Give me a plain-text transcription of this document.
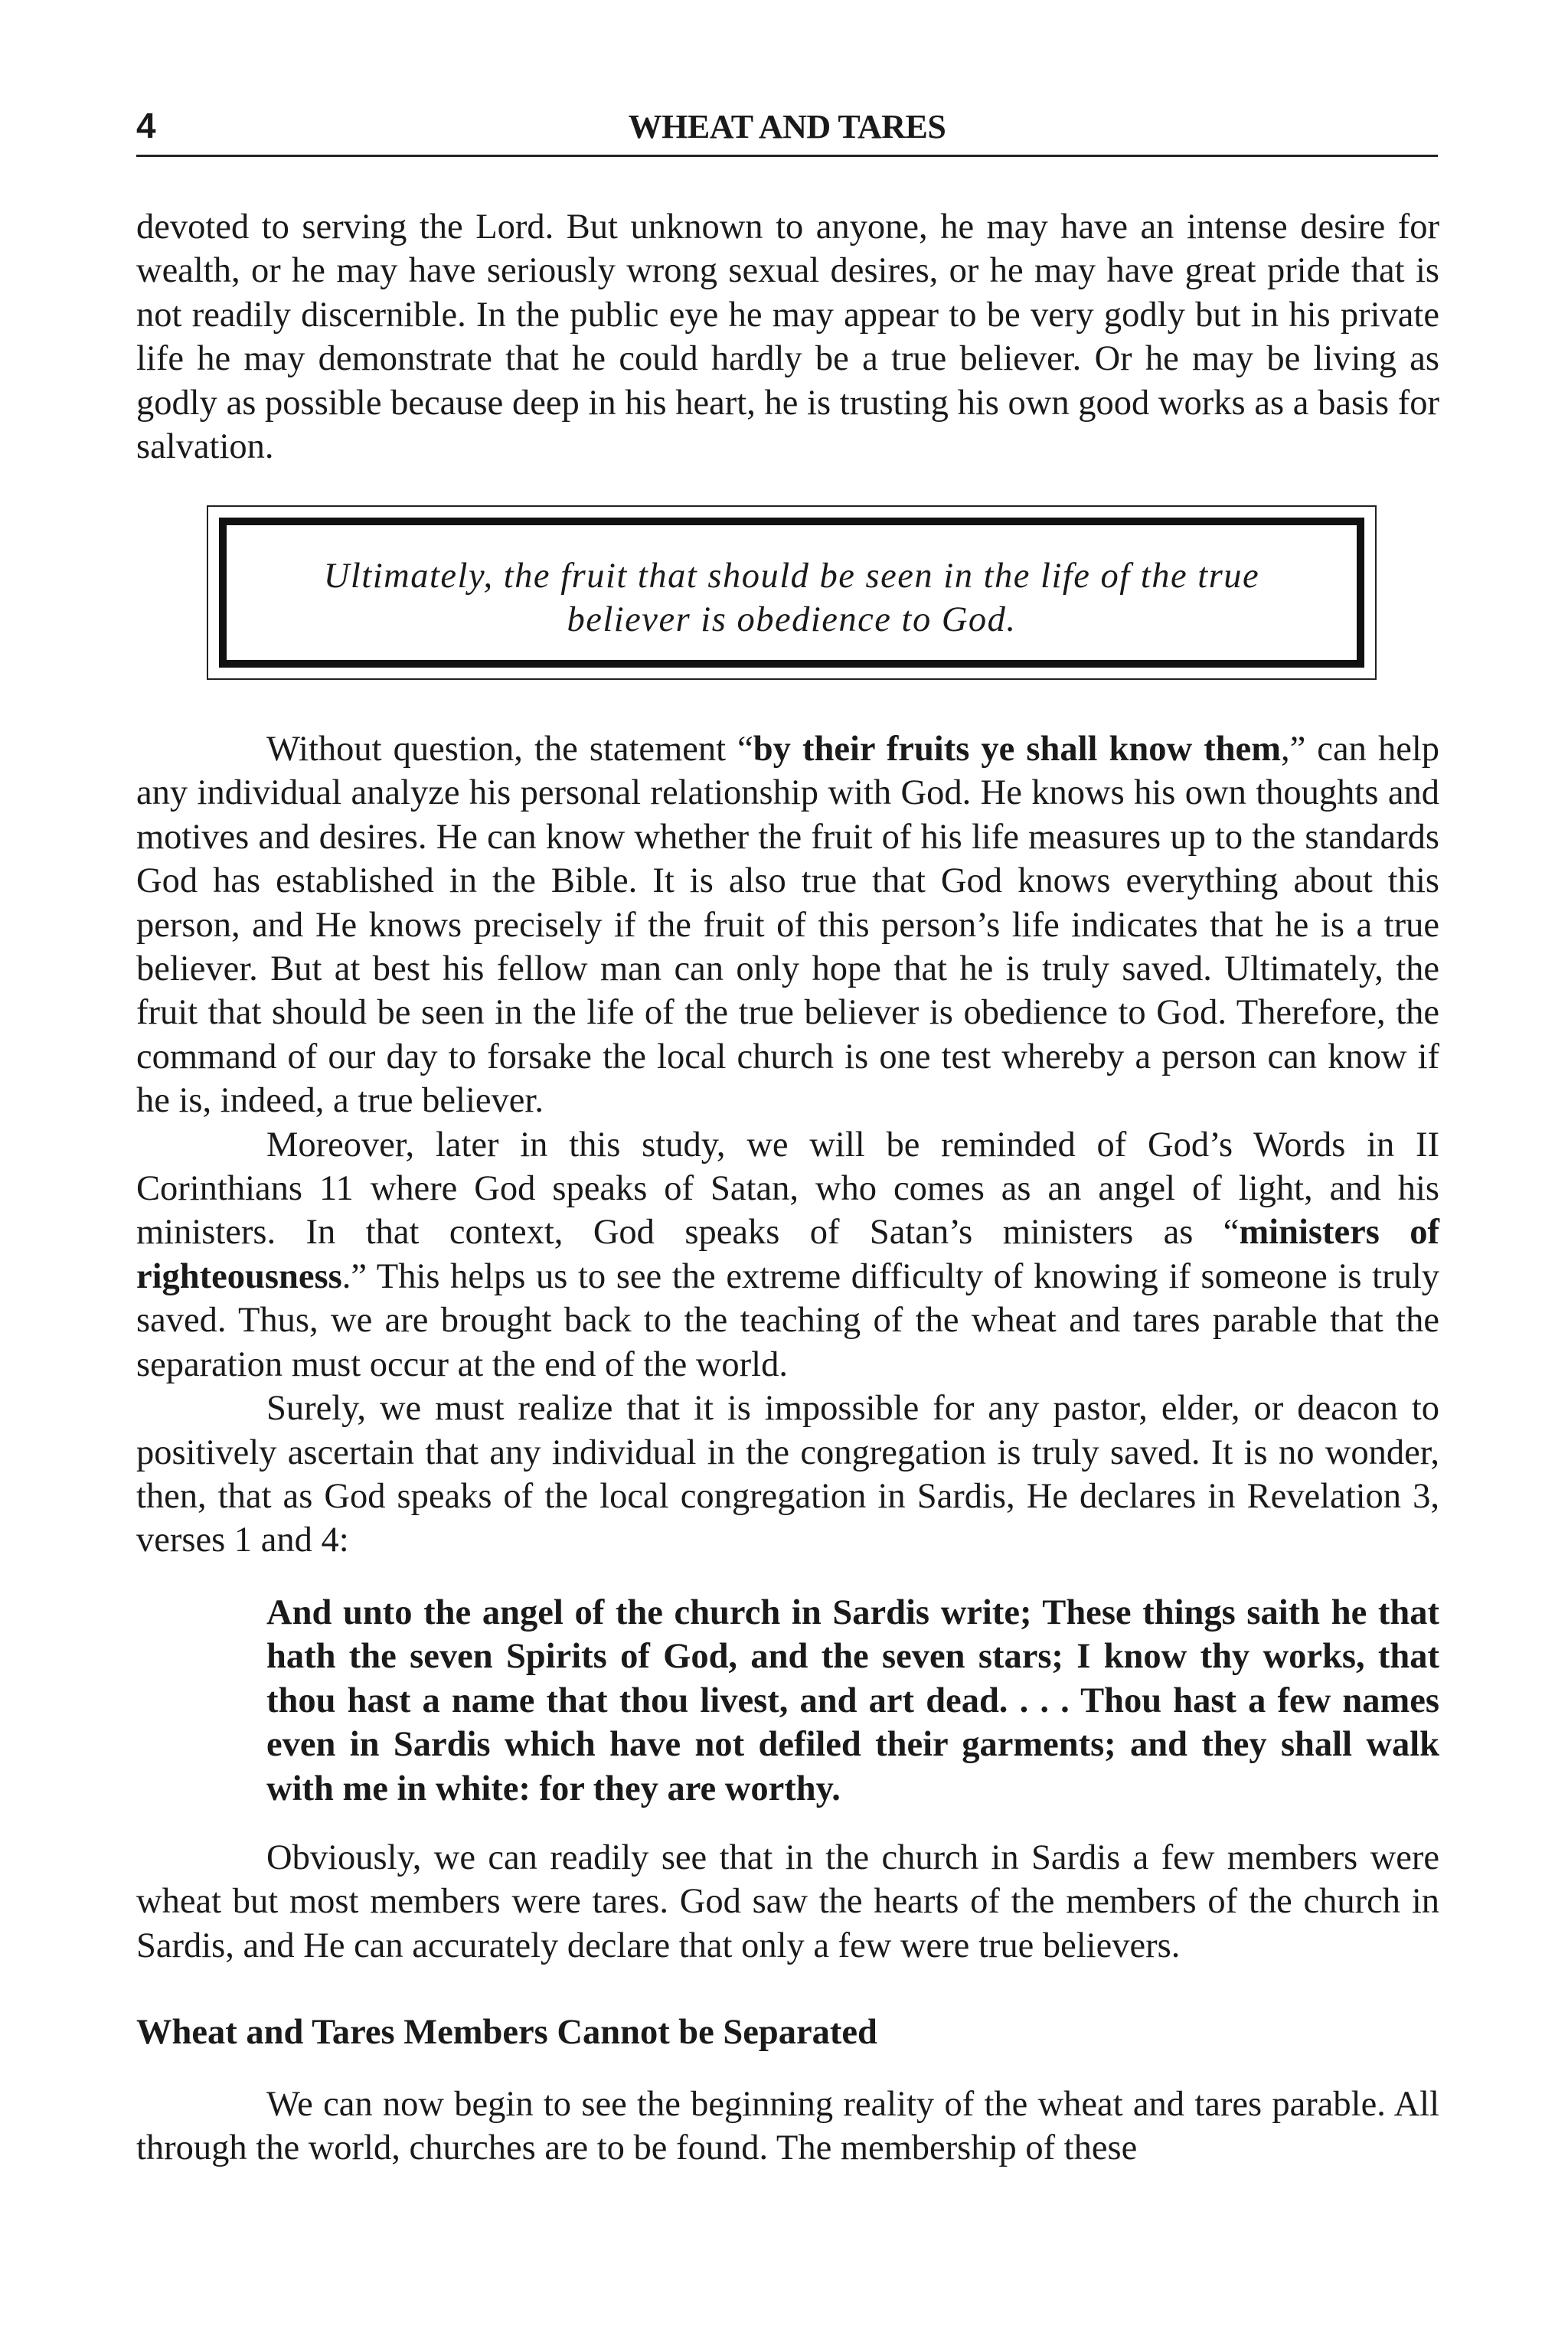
4	WHEAT AND TARES
devoted to serving the Lord. But unknown to anyone, he may have an intense desire for wealth, or he may have seriously wrong sexual desires, or he may have great pride that is not readily discernible. In the public eye he may appear to be very godly but in his private life he may demonstrate that he could hardly be a true believer. Or he may be living as godly as possible because deep in his heart, he is trusting his own good works as a basis for salvation.
Ultimately, the fruit that should be seen in the life of the true believer is obedience to God.

Without question, the statement “by their fruits ye shall know them,” can help any individual analyze his personal relationship with God. He knows his own thoughts and motives and desires. He can know whether the fruit of his life measures up to the standards God has established in the Bible. It is also true that God knows everything about this person, and He knows precisely if the fruit of this person’s life indicates that he is a true believer. But at best his fellow man can only hope that he is truly saved. Ultimately, the fruit that should be seen in the life of the true believer is obedience to God. Therefore, the command of our day to forsake the local church is one test whereby a person can know if he is, indeed, a true believer.

Moreover, later in this study, we will be reminded of God’s Words in II Corinthians 11 where God speaks of Satan, who comes as an angel of light, and his ministers. In that context, God speaks of Satan’s ministers as “ministers of righteousness.” This helps us to see the extreme difficulty of knowing if someone is truly saved. Thus, we are brought back to the teaching of the wheat and tares parable that the separation must occur at the end of the world.

Surely, we must realize that it is impossible for any pastor, elder, or deacon to positively ascertain that any individual in the congregation is truly saved. It is no wonder, then, that as God speaks of the local congregation in Sardis, He declares in Revelation 3, verses 1 and 4:

And unto the angel of the church in Sardis write; These things saith he that hath the seven Spirits of God, and the seven stars; I know thy works, that thou hast a name that thou livest, and art dead. . . . Thou hast a few names even in Sardis which have not defiled their garments; and they shall walk with me in white: for they are worthy.
Obviously, we can readily see that in the church in Sardis a few members were wheat but most members were tares. God saw the hearts of the members of the church in Sardis, and He can accurately declare that only a few were true believers.
Wheat and Tares Members Cannot be Separated
We can now begin to see the beginning reality of the wheat and tares parable. All through the world, churches are to be found. The membership of these
